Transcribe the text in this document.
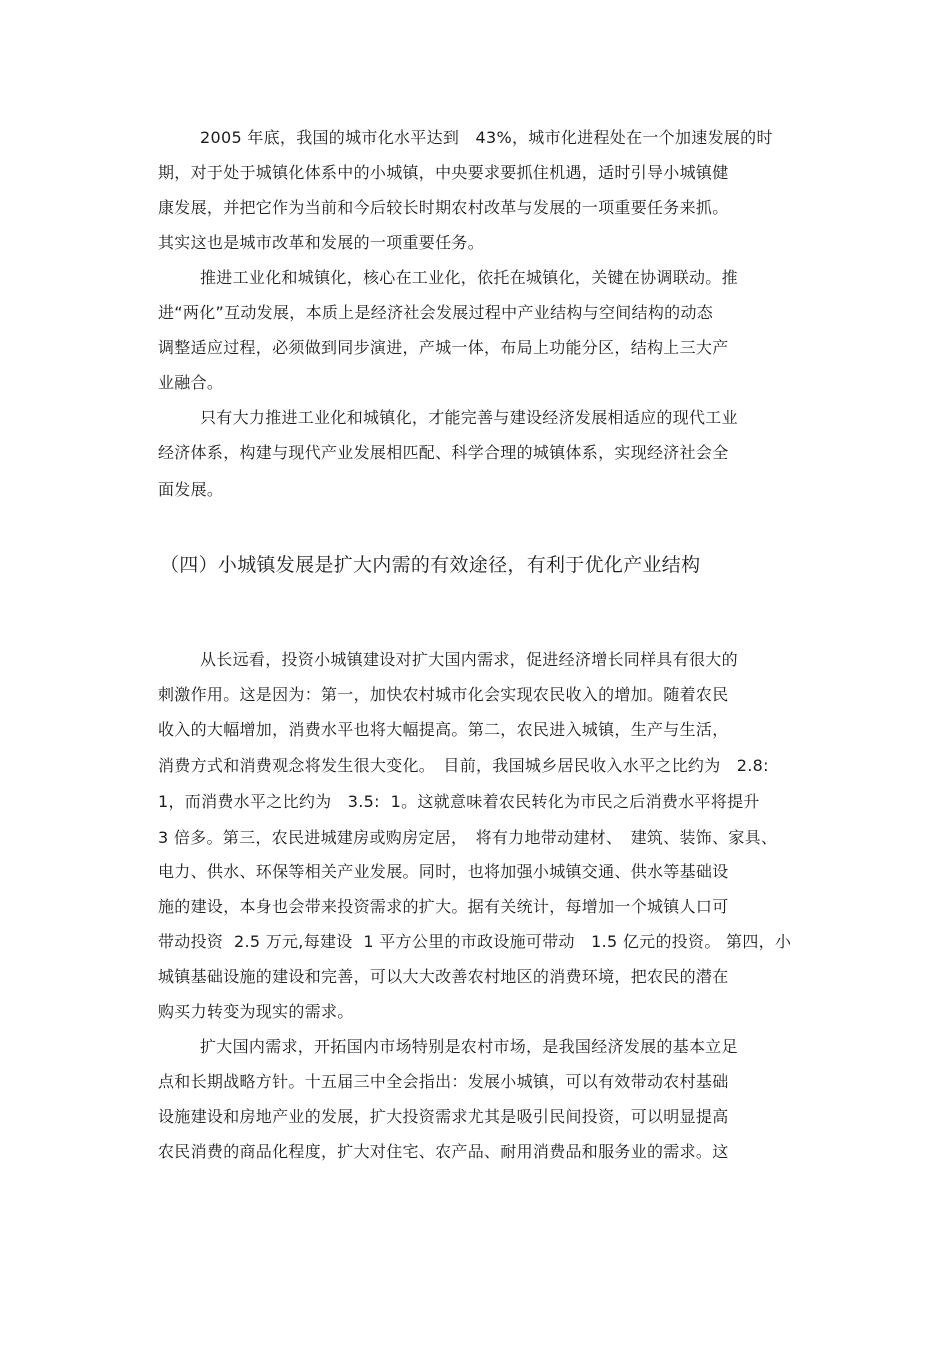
2005 年底，我国的城市化水平达到　43%，城市化进程处在一个加速发展的时
期，对于处于城镇化体系中的小城镇，中央要求要抓住机遇，适时引导小城镇健
康发展，并把它作为当前和今后较长时期农村改革与发展的一项重要任务来抓。
其实这也是城市改革和发展的一项重要任务。
推进工业化和城镇化，核心在工业化，依托在城镇化，关键在协调联动。推
进“两化”互动发展，本质上是经济社会发展过程中产业结构与空间结构的动态
调整适应过程，必须做到同步演进，产城一体，布局上功能分区，结构上三大产
业融合。
只有大力推进工业化和城镇化，才能完善与建设经济发展相适应的现代工业
经济体系，构建与现代产业发展相匹配、科学合理的城镇体系，实现经济社会全
面发展。
（四）小城镇发展是扩大内需的有效途径，有利于优化产业结构
从长远看，投资小城镇建设对扩大国内需求，促进经济增长同样具有很大的
刺激作用。这是因为：第一，加快农村城市化会实现农民收入的增加。随着农民
收入的大幅增加，消费水平也将大幅提高。第二，农民进入城镇，生产与生活，
消费方式和消费观念将发生很大变化。　目前，我国城乡居民收入水平之比约为　2.8:
1，而消费水平之比约为　3.5:  1。这就意味着农民转化为市民之后消费水平将提升
3 倍多。第三，农民进城建房或购房定居，　将有力地带动建材、　建筑、装饰、家具、
电力、供水、环保等相关产业发展。同时，也将加强小城镇交通、供水等基础设
施的建设，本身也会带来投资需求的扩大。据有关统计，每增加一个城镇人口可
带动投资  2.5 万元,每建设  1 平方公里的市政设施可带动　1.5 亿元的投资。 第四，小
城镇基础设施的建设和完善，可以大大改善农村地区的消费环境，把农民的潜在
购买力转变为现实的需求。
扩大国内需求，开拓国内市场特别是农村市场，是我国经济发展的基本立足
点和长期战略方针。十五届三中全会指出：发展小城镇，可以有效带动农村基础
设施建设和房地产业的发展，扩大投资需求尤其是吸引民间投资，可以明显提高
农民消费的商品化程度，扩大对住宅、农产品、耐用消费品和服务业的需求。这
